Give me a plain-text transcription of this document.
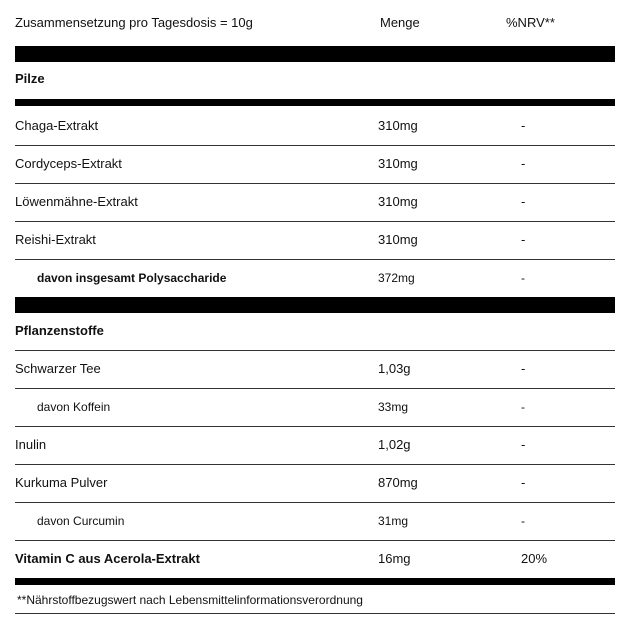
Zusammensetzung pro Tagesdosis = 10g	Menge	%NRV**
Pilze
Chaga-Extrakt	310mg	-
Cordyceps-Extrakt	310mg	-
Löwenmähne-Extrakt	310mg	-
Reishi-Extrakt	310mg	-
davon insgesamt Polysaccharide	372mg	-
Pflanzenstoffe
Schwarzer Tee	1,03g	-
davon Koffein	33mg	-
Inulin	1,02g	-
Kurkuma Pulver	870mg	-
davon Curcumin	31mg	-
Vitamin C aus Acerola-Extrakt	16mg	20%
**Nährstoffbezugswert nach Lebensmittelinformationsverordnung
